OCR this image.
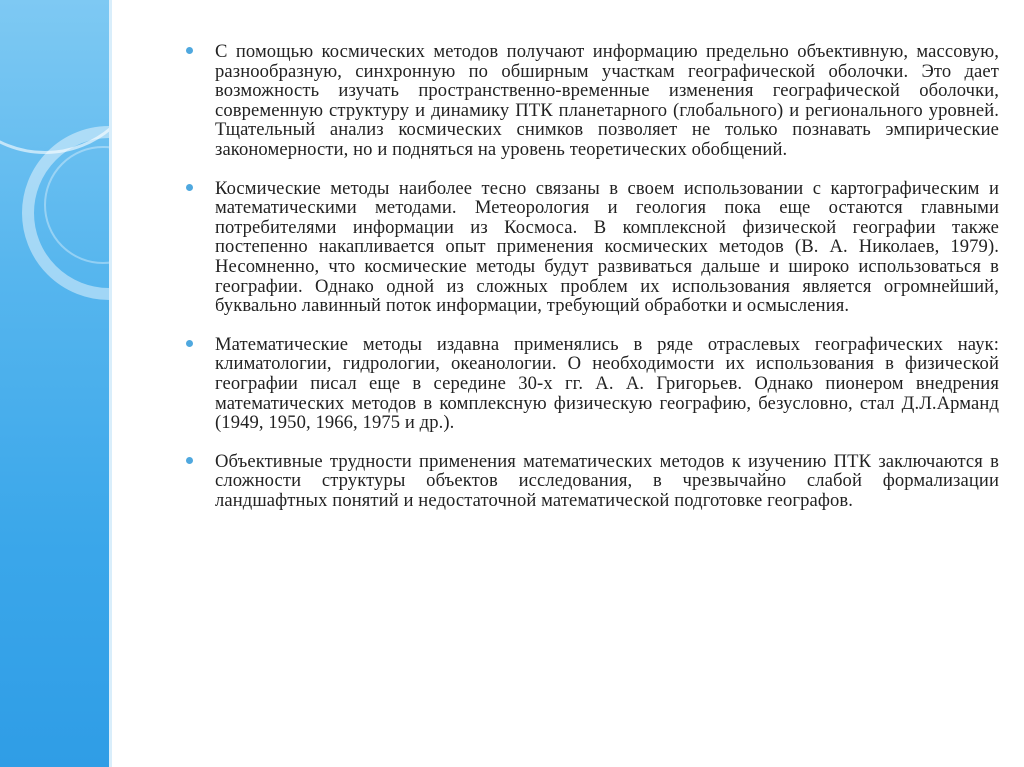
С помощью космических методов получают информацию предельно объективную, массовую, разнообразную, синхронную по обширным участкам географической оболочки. Это дает возможность изучать пространственно-временные изменения географической оболочки, современную структуру и динамику ПТК планетарного (глобального) и регионального уровней. Тщательный анализ космических снимков позволяет не только познавать эмпирические закономерности, но и подняться на уровень теоретических обобщений.
Космические методы наиболее тесно связаны в своем использовании с картографическим и математическими методами. Метеорология и геология пока еще остаются главными потребителями информации из Космоса. В комплексной физической географии также постепенно накапливается опыт применения космических методов (В. А. Николаев, 1979). Несомненно, что космические методы будут развиваться дальше и широко использоваться в географии. Однако одной из сложных проблем их использования является огромнейший, буквально лавинный поток информации, требующий обработки и осмысления.
Математические методы издавна применялись в ряде отраслевых географических наук: климатологии, гидрологии, океанологии. О необходимости их использования в физической географии писал еще в середине 30-х гг. А. А. Григорьев. Однако пионером внедрения математических методов в комплексную физическую географию, безусловно, стал Д.Л.Арманд (1949, 1950, 1966, 1975 и др.).
Объективные трудности применения математических методов к изучению ПТК заключаются в сложности структуры объектов исследования, в чрезвычайно слабой формализации ландшафтных понятий и недостаточной математической подготовке географов.
